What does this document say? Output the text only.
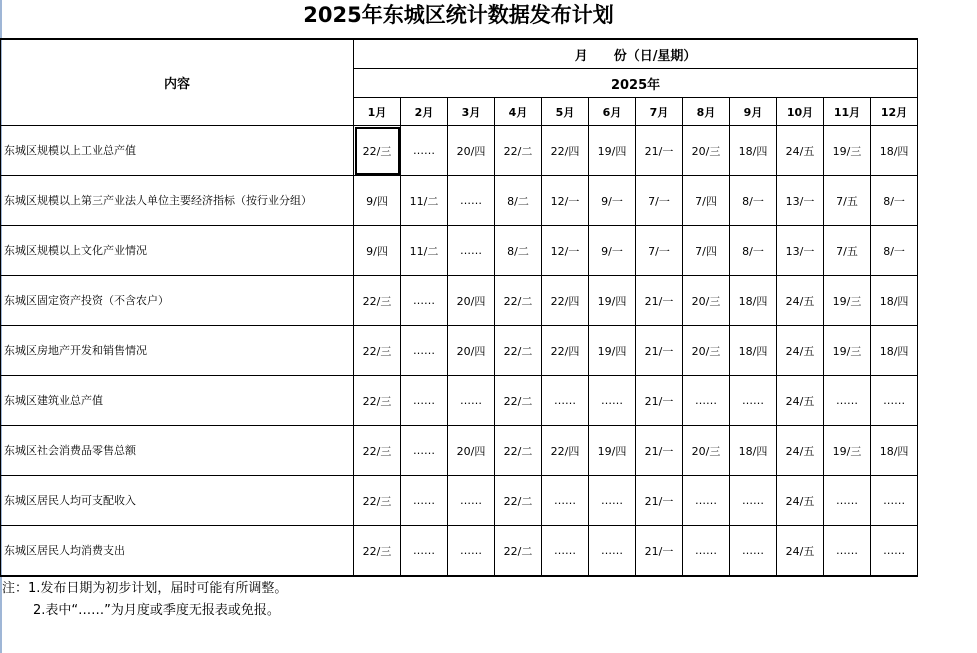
2025年东城区统计数据发布计划
内容	月　　份（日/星期）											
	2025年											
	1月	2月	3月	4月	5月	6月	7月	8月	9月	10月	11月	12月
东城区规模以上工业总产值	22/三	……	20/四	22/二	22/四	19/四	21/一	20/三	18/四	24/五	19/三	18/四
东城区规模以上第三产业法人单位主要经济指标（按行业分组）	9/四	11/二	……	8/二	12/一	9/一	7/一	7/四	8/一	13/一	7/五	8/一
东城区规模以上文化产业情况	9/四	11/二	……	8/二	12/一	9/一	7/一	7/四	8/一	13/一	7/五	8/一
东城区固定资产投资（不含农户）	22/三	……	20/四	22/二	22/四	19/四	21/一	20/三	18/四	24/五	19/三	18/四
东城区房地产开发和销售情况	22/三	……	20/四	22/二	22/四	19/四	21/一	20/三	18/四	24/五	19/三	18/四
东城区建筑业总产值	22/三	……	……	22/二	……	……	21/一	……	……	24/五	……	……
东城区社会消费品零售总额	22/三	……	20/四	22/二	22/四	19/四	21/一	20/三	18/四	24/五	19/三	18/四
东城区居民人均可支配收入	22/三	……	……	22/二	……	……	21/一	……	……	24/五	……	……
东城区居民人均消费支出	22/三	……	……	22/二	……	……	21/一	……	……	24/五	……	……
注：1.发布日期为初步计划，届时可能有所调整。
2.表中“……”为月度或季度无报表或免报。
